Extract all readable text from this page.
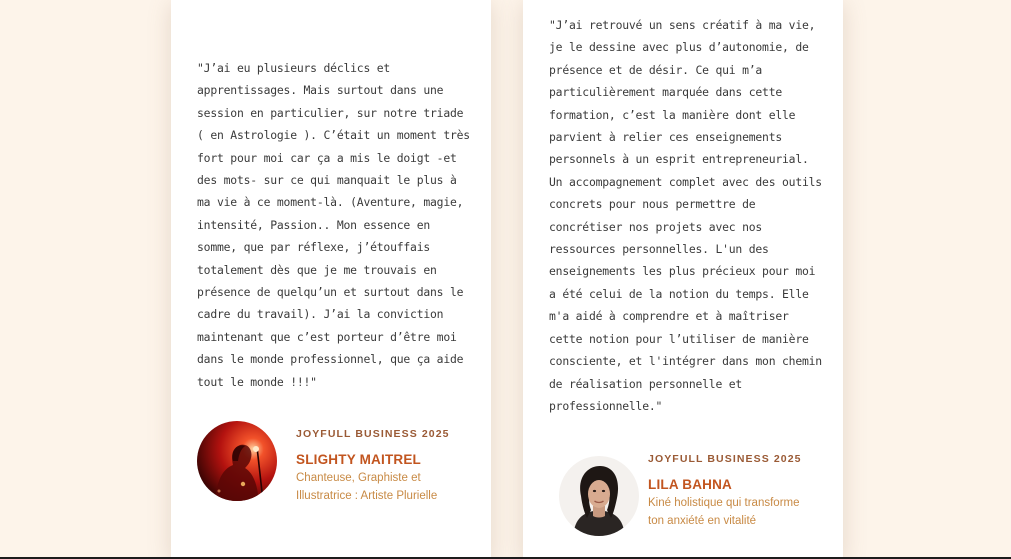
"J’ai eu plusieurs déclics et apprentissages. Mais surtout dans une session en particulier, sur notre triade ( en Astrologie ). C’était un moment très fort pour moi car ça a mis le doigt -et des mots- sur ce qui manquait le plus à ma vie à ce moment-là. (Aventure, magie, intensité, Passion.. Mon essence en somme, que par réflexe, j’étouffais totalement dès que je me trouvais en présence de quelqu’un et surtout dans le cadre du travail). J’ai la conviction maintenant que c’est porteur d’être moi dans le monde professionnel, que ça aide tout le monde !!!"

JOYFULL BUSINESS 2025
SLIGHTY MAITREL
Chanteuse, Graphiste et Illustratrice : Artiste Plurielle

"J’ai retrouvé un sens créatif à ma vie, je le dessine avec plus d’autonomie, de présence et de désir. Ce qui m’a particulièrement marquée dans cette formation, c’est la manière dont elle parvient à relier ces enseignements personnels à un esprit entrepreneurial. Un accompagnement complet avec des outils concrets pour nous permettre de concrétiser nos projets avec nos ressources personnelles. L'un des enseignements les plus précieux pour moi a été celui de la notion du temps. Elle m'a aidé à comprendre et à maîtriser cette notion pour l’utiliser de manière consciente, et l'intégrer dans mon chemin de réalisation personnelle et professionnelle."

JOYFULL BUSINESS 2025
LILA BAHNA
Kiné holistique qui transforme ton anxiété en vitalité
